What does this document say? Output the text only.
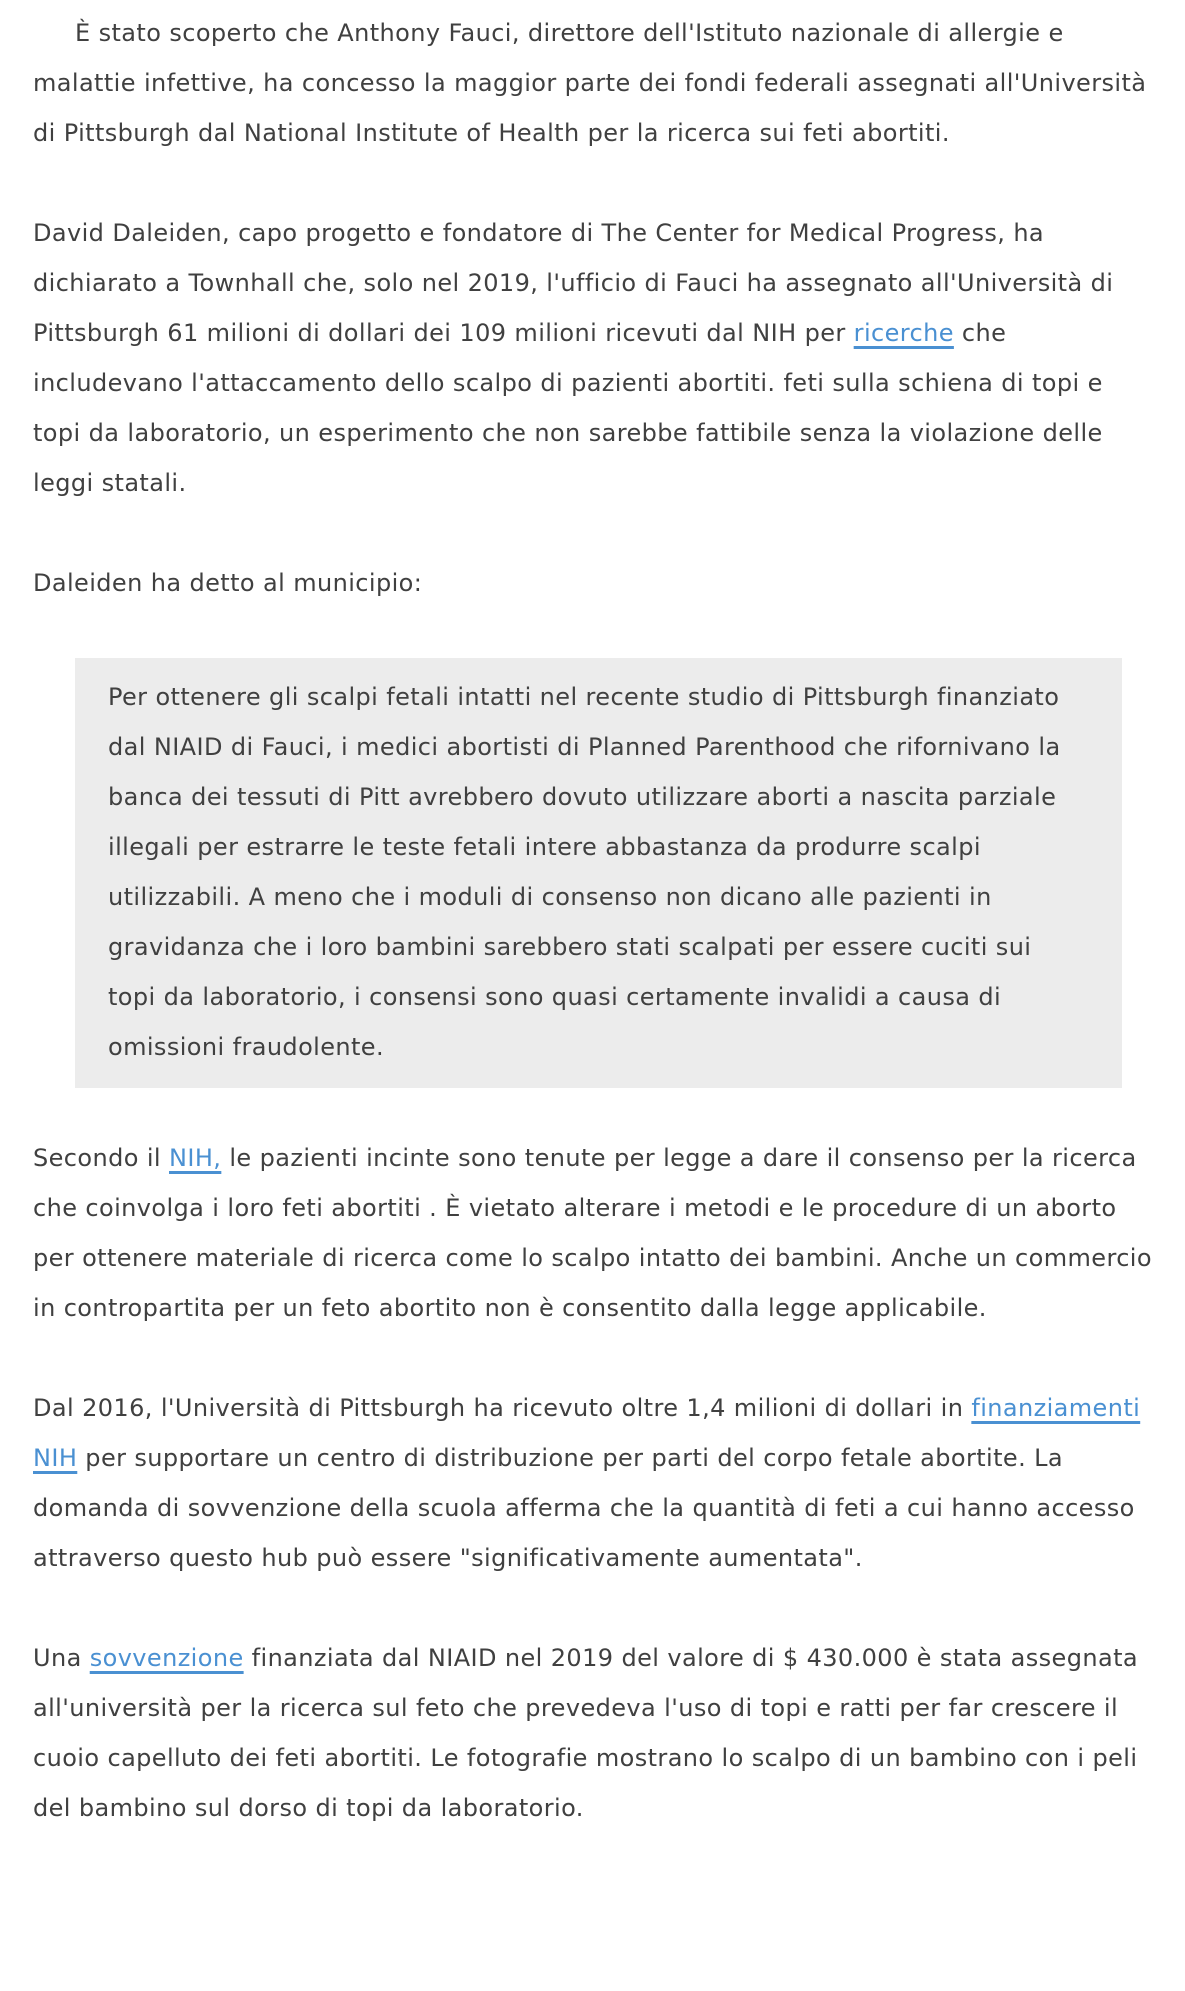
È stato scoperto che Anthony Fauci, direttore dell'Istituto nazionale di allergie e malattie infettive, ha concesso la maggior parte dei fondi federali assegnati all'Università di Pittsburgh dal National Institute of Health per la ricerca sui feti abortiti.

David Daleiden, capo progetto e fondatore di The Center for Medical Progress, ha dichiarato a Townhall che, solo nel 2019, l'ufficio di Fauci ha assegnato all'Università di Pittsburgh 61 milioni di dollari dei 109 milioni ricevuti dal NIH per ricerche che includevano l'attaccamento dello scalpo di pazienti abortiti. feti sulla schiena di topi e topi da laboratorio, un esperimento che non sarebbe fattibile senza la violazione delle leggi statali.

Daleiden ha detto al municipio:

Per ottenere gli scalpi fetali intatti nel recente studio di Pittsburgh finanziato dal NIAID di Fauci, i medici abortisti di Planned Parenthood che rifornivano la banca dei tessuti di Pitt avrebbero dovuto utilizzare aborti a nascita parziale illegali per estrarre le teste fetali intere abbastanza da produrre scalpi utilizzabili. A meno che i moduli di consenso non dicano alle pazienti in gravidanza che i loro bambini sarebbero stati scalpati per essere cuciti sui topi da laboratorio, i consensi sono quasi certamente invalidi a causa di omissioni fraudolente.

Secondo il NIH, le pazienti incinte sono tenute per legge a dare il consenso per la ricerca che coinvolga i loro feti abortiti . È vietato alterare i metodi e le procedure di un aborto per ottenere materiale di ricerca come lo scalpo intatto dei bambini. Anche un commercio in contropartita per un feto abortito non è consentito dalla legge applicabile.

Dal 2016, l'Università di Pittsburgh ha ricevuto oltre 1,4 milioni di dollari in finanziamenti NIH per supportare un centro di distribuzione per parti del corpo fetale abortite. La domanda di sovvenzione della scuola afferma che la quantità di feti a cui hanno accesso attraverso questo hub può essere "significativamente aumentata".

Una sovvenzione finanziata dal NIAID nel 2019 del valore di $ 430.000 è stata assegnata all'università per la ricerca sul feto che prevedeva l'uso di topi e ratti per far crescere il cuoio capelluto dei feti abortiti. Le fotografie mostrano lo scalpo di un bambino con i peli del bambino sul dorso di topi da laboratorio.
